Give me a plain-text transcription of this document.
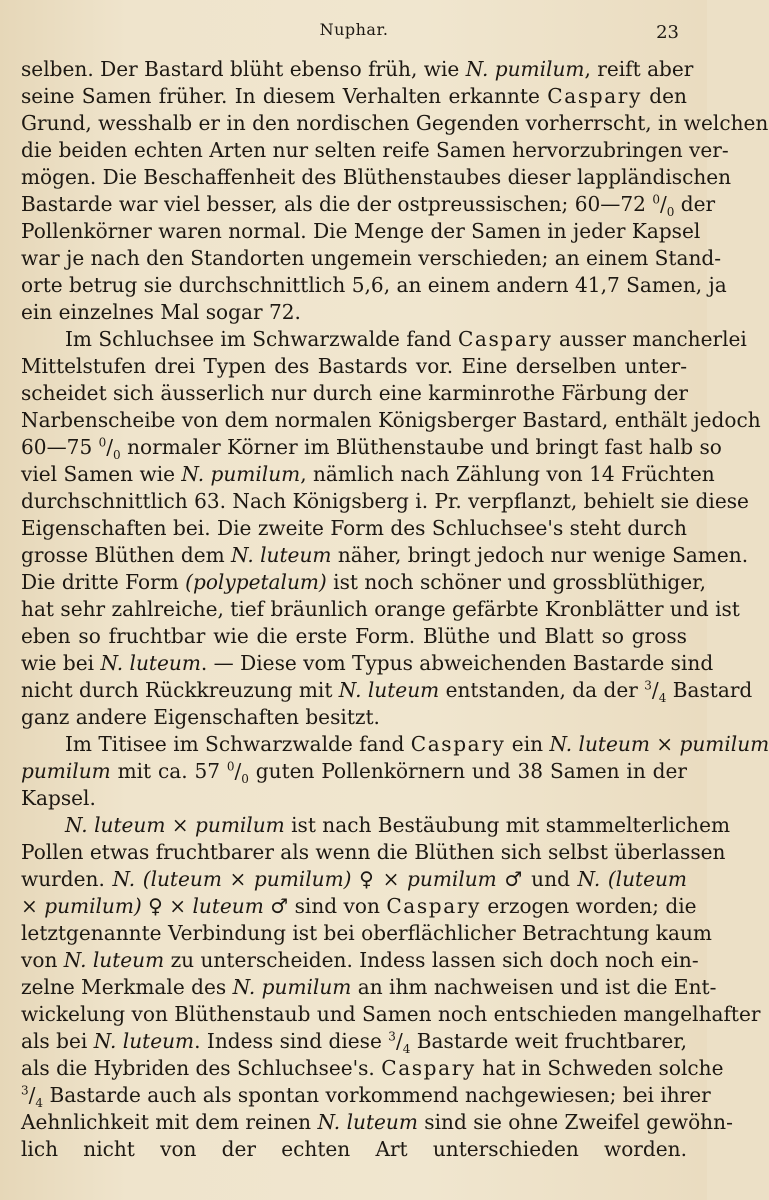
Nuphar.	23

selben. Der Bastard blüht ebenso früh, wie N. pumilum, reift aber

seine Samen früher. In diesem Verhalten erkannte Caspary den

Grund, wesshalb er in den nordischen Gegenden vorherrscht, in welchen

die beiden echten Arten nur selten reife Samen hervorzubringen ver-

mögen. Die Beschaffenheit des Blüthenstaubes dieser lappländischen

Bastarde war viel besser, als die der ostpreussischen; 60—72 $^0/_0$ der

Pollenkörner waren normal. Die Menge der Samen in jeder Kapsel

war je nach den Standorten ungemein verschieden; an einem Stand-

orte betrug sie durchschnittlich 5,6, an einem andern 41,7 Samen, ja

ein einzelnes Mal sogar 72.

Im Schluchsee im Schwarzwalde fand Caspary ausser mancherlei

Mittelstufen drei Typen des Bastards vor. Eine derselben unter-

scheidet sich äusserlich nur durch eine karminrothe Färbung der

Narbenscheibe von dem normalen Königsberger Bastard, enthält jedoch

60—75 $^0/_0$ normaler Körner im Blüthenstaube und bringt fast halb so

viel Samen wie N. pumilum, nämlich nach Zählung von 14 Früchten

durchschnittlich 63. Nach Königsberg i. Pr. verpflanzt, behielt sie diese

Eigenschaften bei. Die zweite Form des Schluchsee's steht durch

grosse Blüthen dem N. luteum näher, bringt jedoch nur wenige Samen.

Die dritte Form (polypetalum) ist noch schöner und grossblüthiger,

hat sehr zahlreiche, tief bräunlich orange gefärbte Kronblätter und ist

eben so fruchtbar wie die erste Form. Blüthe und Blatt so gross

wie bei N. luteum. — Diese vom Typus abweichenden Bastarde sind

nicht durch Rückkreuzung mit N. luteum entstanden, da der $^3/_4$ Bastard

ganz andere Eigenschaften besitzt.

Im Titisee im Schwarzwalde fand Caspary ein N. luteum × pumilum

pumilum mit ca. 57 $^0/_0$ guten Pollenkörnern und 38 Samen in der

Kapsel.

N. luteum × pumilum ist nach Bestäubung mit stammelterlichem

Pollen etwas fruchtbarer als wenn die Blüthen sich selbst überlassen

wurden. N. (luteum × pumilum) ♀ × pumilum ♂ und N. (luteum

× pumilum) ♀ × luteum ♂ sind von Caspary erzogen worden; die

letztgenannte Verbindung ist bei oberflächlicher Betrachtung kaum

von N. luteum zu unterscheiden. Indess lassen sich doch noch ein-

zelne Merkmale des N. pumilum an ihm nachweisen und ist die Ent-

wickelung von Blüthenstaub und Samen noch entschieden mangelhafter

als bei N. luteum. Indess sind diese $^3/_4$ Bastarde weit fruchtbarer,

als die Hybriden des Schluchsee's. Caspary hat in Schweden solche

$^3/_4$ Bastarde auch als spontan vorkommend nachgewiesen; bei ihrer

Aehnlichkeit mit dem reinen N. luteum sind sie ohne Zweifel gewöhn-

lich nicht von der echten Art unterschieden worden.
